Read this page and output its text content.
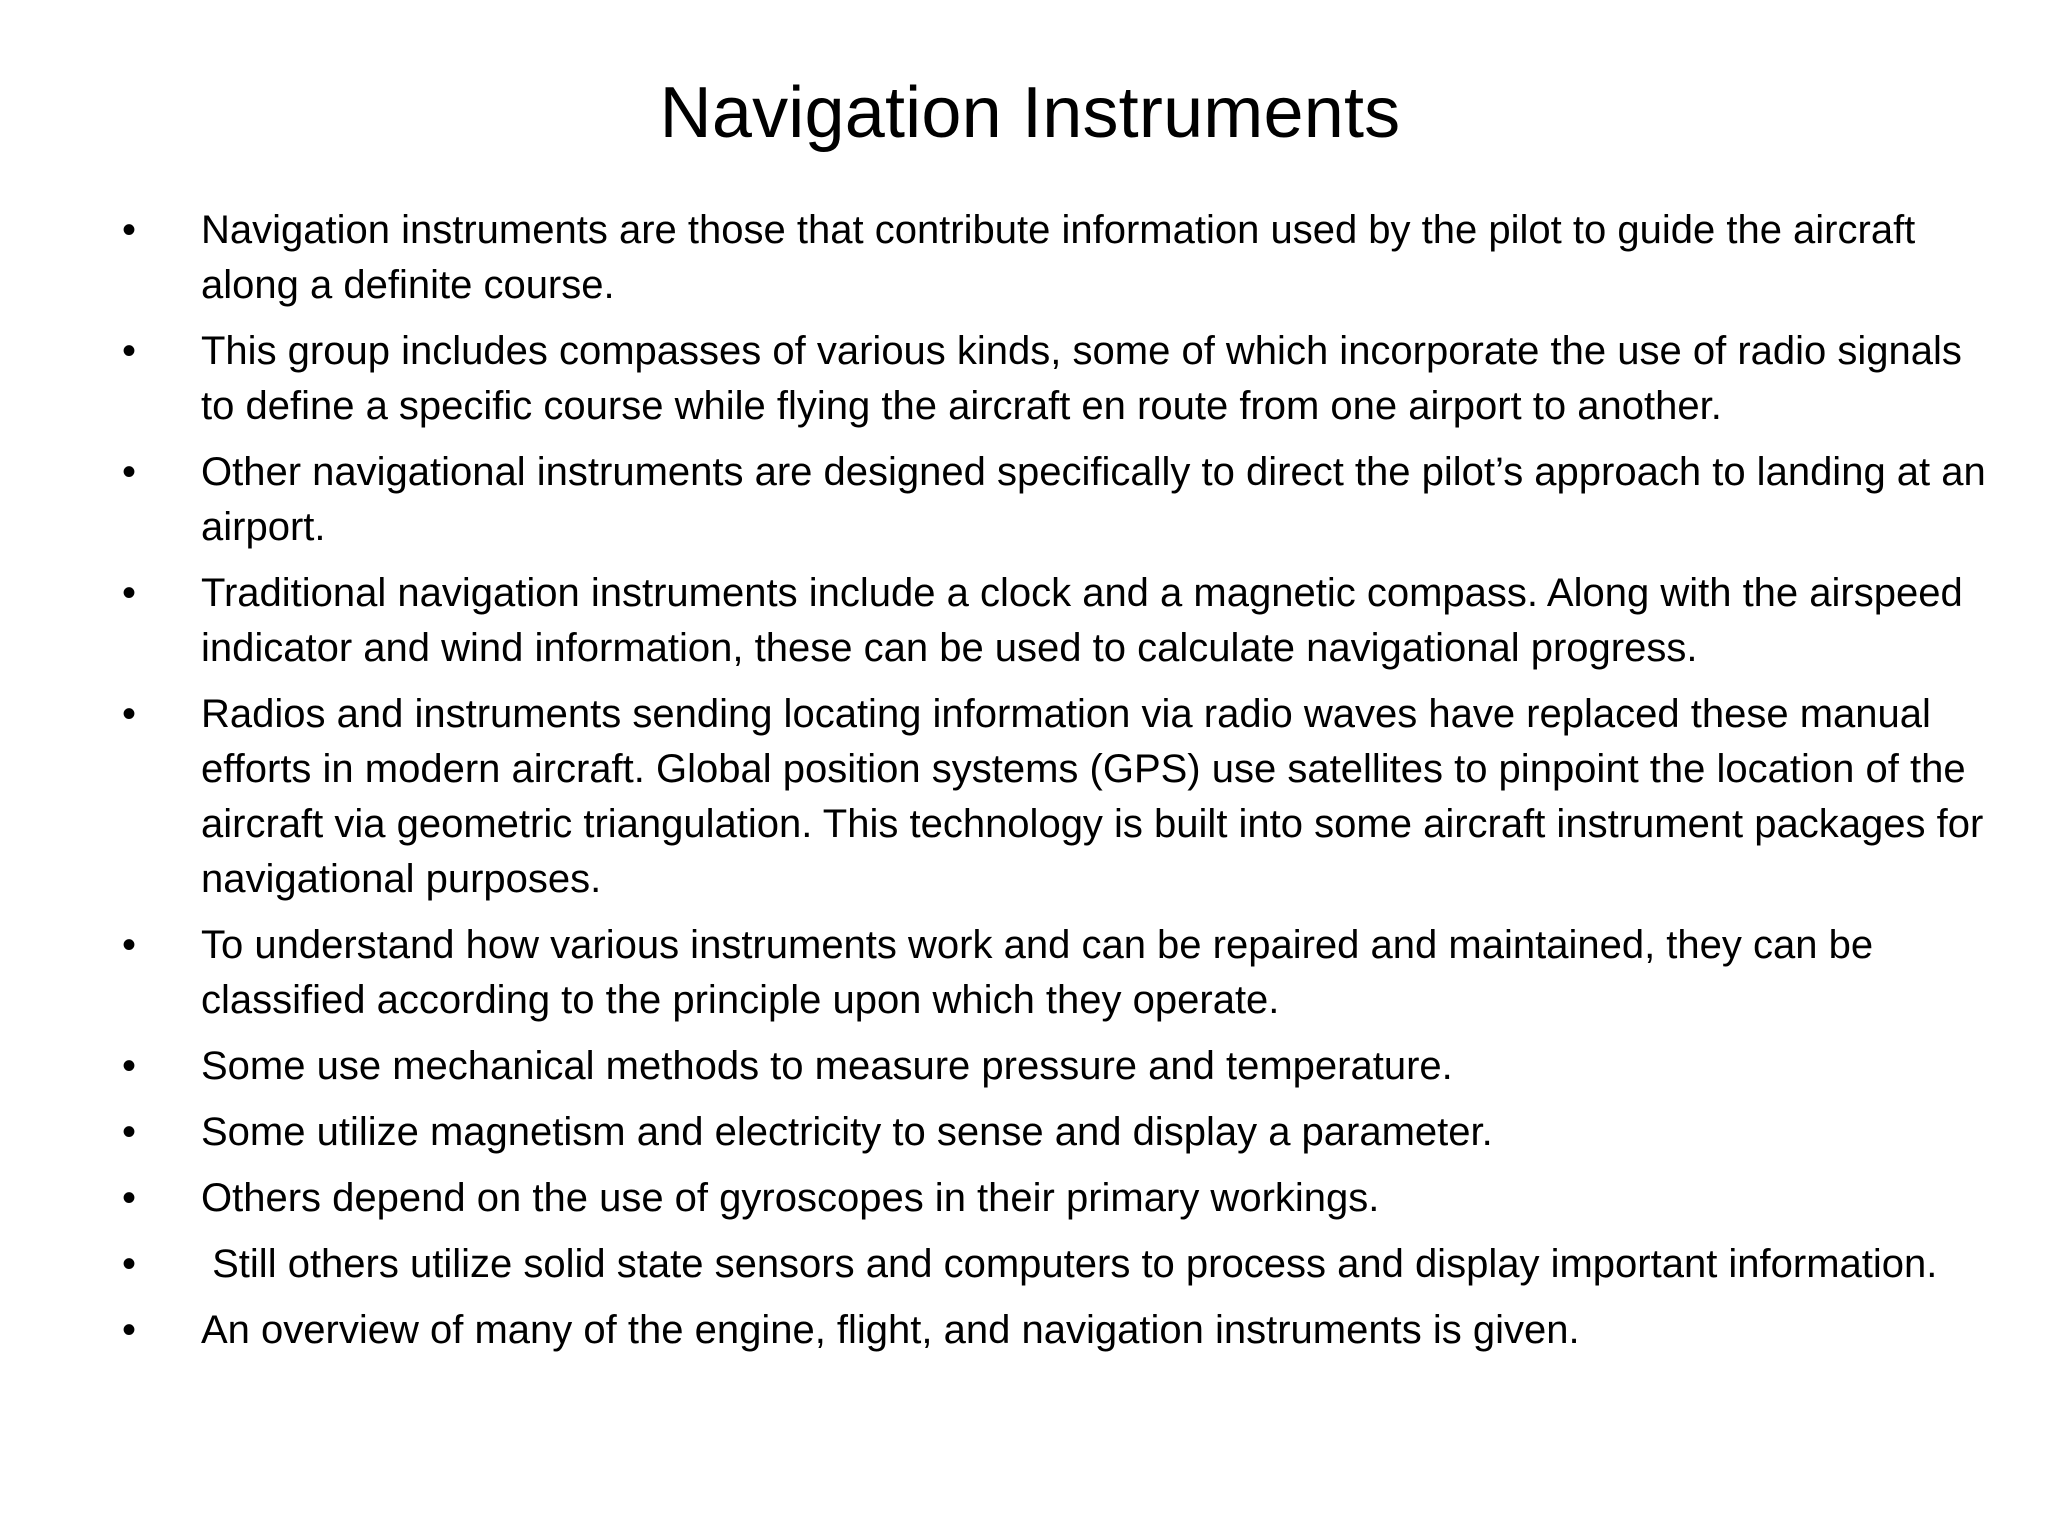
Navigation Instruments
•	Navigation instruments are those that contribute information used by the pilot to guide the aircraft along a definite course.
•	This group includes compasses of various kinds, some of which incorporate the use of radio signals to define a specific course while flying the aircraft en route from one airport to another.
•	Other navigational instruments are designed specifically to direct the pilot’s approach to landing at an airport.
•	Traditional navigation instruments include a clock and a magnetic compass. Along with the airspeed indicator and wind information, these can be used to calculate navigational progress.
•	Radios and instruments sending locating information via radio waves have replaced these manual efforts in modern aircraft. Global position systems (GPS) use satellites to pinpoint the location of the aircraft via geometric triangulation. This technology is built into some aircraft instrument packages for navigational purposes.
•	To understand how various instruments work and can be repaired and maintained, they can be classified according to the principle upon which they operate.
•	Some use mechanical methods to measure pressure and temperature.
•	Some utilize magnetism and electricity to sense and display a parameter.
•	Others depend on the use of gyroscopes in their primary workings.
•	Still others utilize solid state sensors and computers to process and display important information.
•	An overview of many of the engine, flight, and navigation instruments is given.
